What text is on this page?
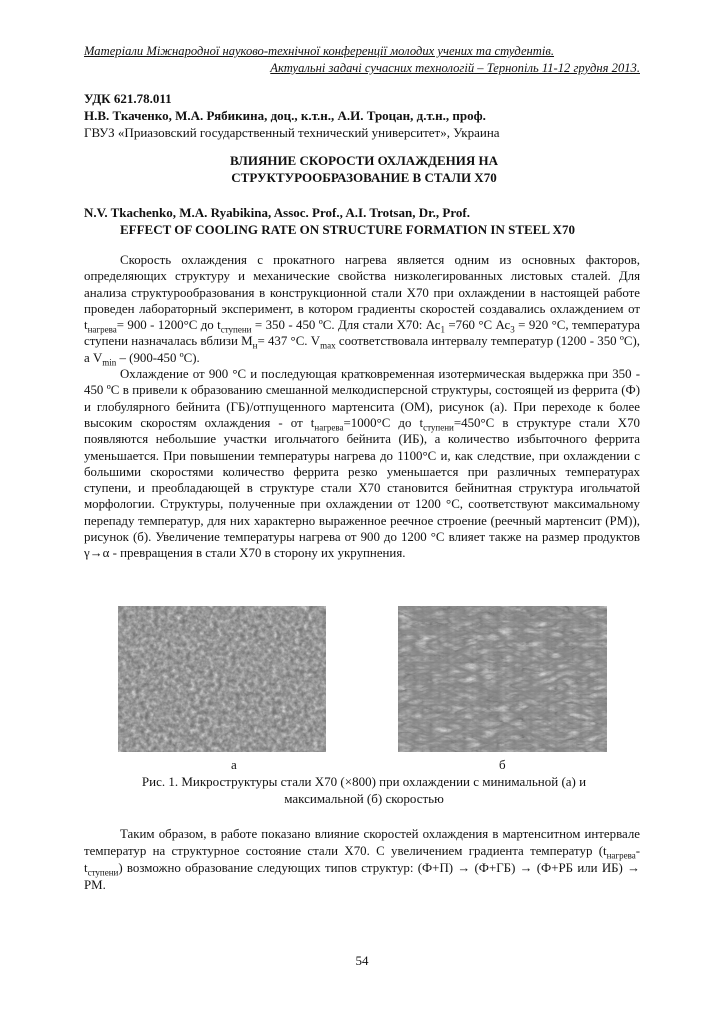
Матеріали Міжнародної науково-технічної конференції молодих учених та студентів.
Актуальні задачі сучасних технологій – Тернопіль 11-12 грудня 2013.
УДК 621.78.011
Н.В. Ткаченко, М.А. Рябикина, доц., к.т.н., А.И. Троцан, д.т.н., проф.
ГВУЗ «Приазовский государственный технический университет», Украина
ВЛИЯНИЕ СКОРОСТИ ОХЛАЖДЕНИЯ НА
СТРУКТУРООБРАЗОВАНИЕ В СТАЛИ Х70
N.V. Tkachenko, M.A. Ryabikina, Assoc. Prof., A.I. Trotsan, Dr., Prof.
EFFECT OF COOLING RATE ON STRUCTURE FORMATION IN STEEL X70

Скорость охлаждения с прокатного нагрева является одним из основных факторов, определяющих структуру и механические свойства низколегированных листовых сталей. Для анализа структурообразования в конструкционной стали Х70 при охлаждении в настоящей работе проведен лабораторный эксперимент, в котором градиенты скоростей создавались охлаждением от $t_{нагрева}= 900 - 1200^\circ С$ до $t_{ступени} = 350 - 450$ ºС. Для стали Х70: $Ас_1 =760$ °С $Ас_3 = 920$ °С, температура ступени назначалась вблизи $М_н= 437$ °С. $V_{max}$ соответствовала интервалу температур (1200 - 350 ºС), а $V_{min} - (900-450$ ºС).

Охлаждение от 900 °С и последующая кратковременная изотермическая выдержка при 350 - 450 ºС в привели к образованию смешанной мелкодисперсной структуры, состоящей из феррита (Ф) и глобулярного бейнита (ГБ)/отпущенного мартенсита (ОМ), рисунок (а). При переходе к более высоким скоростям охлаждения - от $t_{нагрева}=1000^\circ С$ до $t_{ступени}=450^\circ С$ в структуре стали Х70 появляются небольшие участки игольчатого бейнита (ИБ), а количество избыточного феррита уменьшается. При повышении температуры нагрева до 1100°С и, как следствие, при охлаждении с большими скоростями количество феррита резко уменьшается при различных температурах ступени, и преобладающей в структуре стали Х70 становится бейнитная структура игольчатой морфологии. Структуры, полученные при охлаждении от 1200 °С, соответствуют максимальному перепаду температур, для них характерно выраженное реечное строение (реечный мартенсит (РМ)), рисунок (б). Увеличение температуры нагрева от 900 до 1200 °С влияет также на размер продуктов γ→α - превращения в стали Х70 в сторону их укрупнения.

а	б
Рис. 1. Микроструктуры стали Х70 (×800) при охлаждении с минимальной (а) и
максимальной (б) скоростью

Таким образом, в работе показано влияние скоростей охлаждения в мартенситном интервале температур на структурное состояние стали Х70. С увеличением градиента температур ($t_{нагрева}-$ $t_{ступени}$) возможно образование следующих типов структур: (Ф+П) → (Ф+ГБ) → (Ф+РБ или ИБ) → РМ.

54
